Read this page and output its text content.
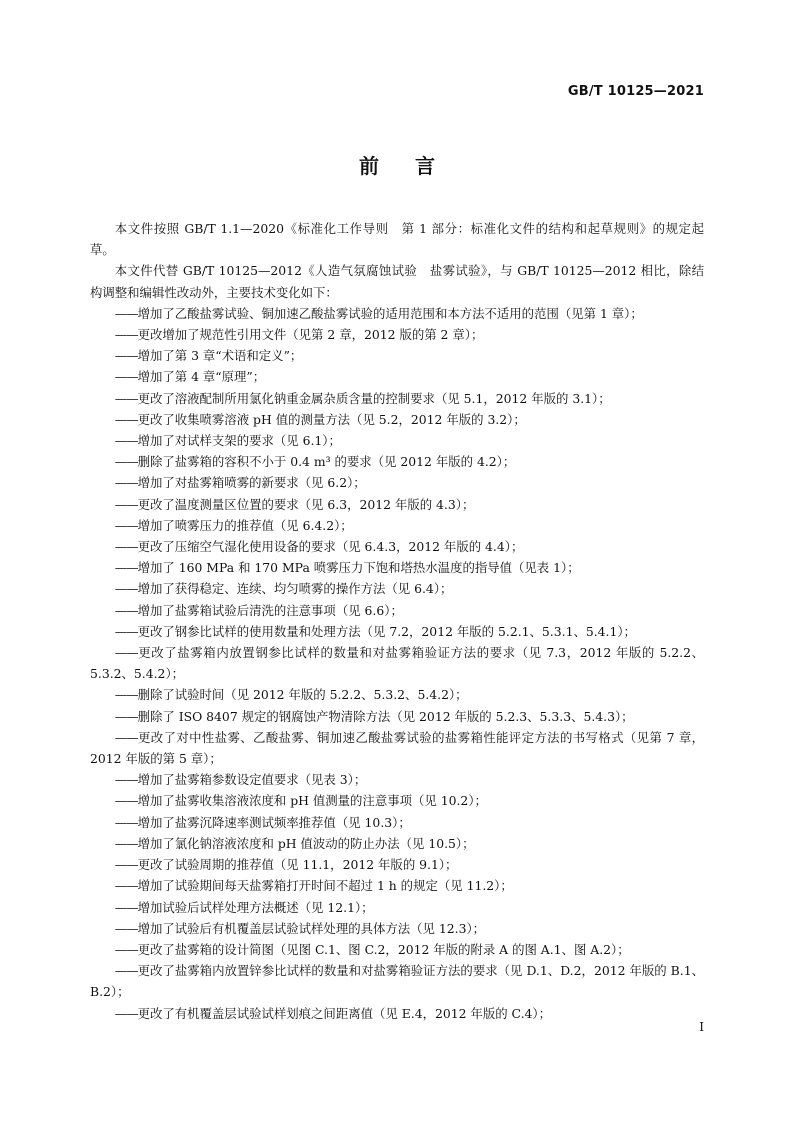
GB/T 10125—2021
前言

本文件按照 GB/T 1.1—2020《标准化工作导则　第 1 部分：标准化文件的结构和起草规则》的规定起草。

本文件代替 GB/T 10125—2012《人造气氛腐蚀试验　盐雾试验》，与 GB/T 10125—2012 相比，除结构调整和编辑性改动外，主要技术变化如下：

——增加了乙酸盐雾试验、铜加速乙酸盐雾试验的适用范围和本方法不适用的范围（见第 1 章）；

——更改增加了规范性引用文件（见第 2 章，2012 版的第 2 章）；

——增加了第 3 章“术语和定义”；

——增加了第 4 章“原理”；

——更改了溶液配制所用氯化钠重金属杂质含量的控制要求（见 5.1，2012 年版的 3.1）；

——更改了收集喷雾溶液 pH 值的测量方法（见 5.2，2012 年版的 3.2）；

——增加了对试样支架的要求（见 6.1）；

——删除了盐雾箱的容积不小于 0.4 m³ 的要求（见 2012 年版的 4.2）；

——增加了对盐雾箱喷雾的新要求（见 6.2）；

——更改了温度测量区位置的要求（见 6.3，2012 年版的 4.3）；

——增加了喷雾压力的推荐值（见 6.4.2）；

——更改了压缩空气湿化使用设备的要求（见 6.4.3，2012 年版的 4.4）；

——增加了 160 MPa 和 170 MPa 喷雾压力下饱和塔热水温度的指导值（见表 1）；

——增加了获得稳定、连续、均匀喷雾的操作方法（见 6.4）；

——增加了盐雾箱试验后清洗的注意事项（见 6.6）；

——更改了钢参比试样的使用数量和处理方法（见 7.2，2012 年版的 5.2.1、5.3.1、5.4.1）；

——更改了盐雾箱内放置钢参比试样的数量和对盐雾箱验证方法的要求（见 7.3，2012 年版的 5.2.2、5.3.2、5.4.2）；

——删除了试验时间（见 2012 年版的 5.2.2、5.3.2、5.4.2）；

——删除了 ISO 8407 规定的钢腐蚀产物清除方法（见 2012 年版的 5.2.3、5.3.3、5.4.3）；

——更改了对中性盐雾、乙酸盐雾、铜加速乙酸盐雾试验的盐雾箱性能评定方法的书写格式（见第 7 章，2012 年版的第 5 章）；

——增加了盐雾箱参数设定值要求（见表 3）；

——增加了盐雾收集溶液浓度和 pH 值测量的注意事项（见 10.2）；

——增加了盐雾沉降速率测试频率推荐值（见 10.3）；

——增加了氯化钠溶液浓度和 pH 值波动的防止办法（见 10.5）；

——更改了试验周期的推荐值（见 11.1，2012 年版的 9.1）；

——增加了试验期间每天盐雾箱打开时间不超过 1 h 的规定（见 11.2）；

——增加试验后试样处理方法概述（见 12.1）；

——增加了试验后有机覆盖层试验试样处理的具体方法（见 12.3）；

——更改了盐雾箱的设计简图（见图 C.1、图 C.2，2012 年版的附录 A 的图 A.1、图 A.2）；

——更改了盐雾箱内放置锌参比试样的数量和对盐雾箱验证方法的要求（见 D.1、D.2，2012 年版的 B.1、B.2）；

——更改了有机覆盖层试验试样划痕之间距离值（见 E.4，2012 年版的 C.4）；

I
